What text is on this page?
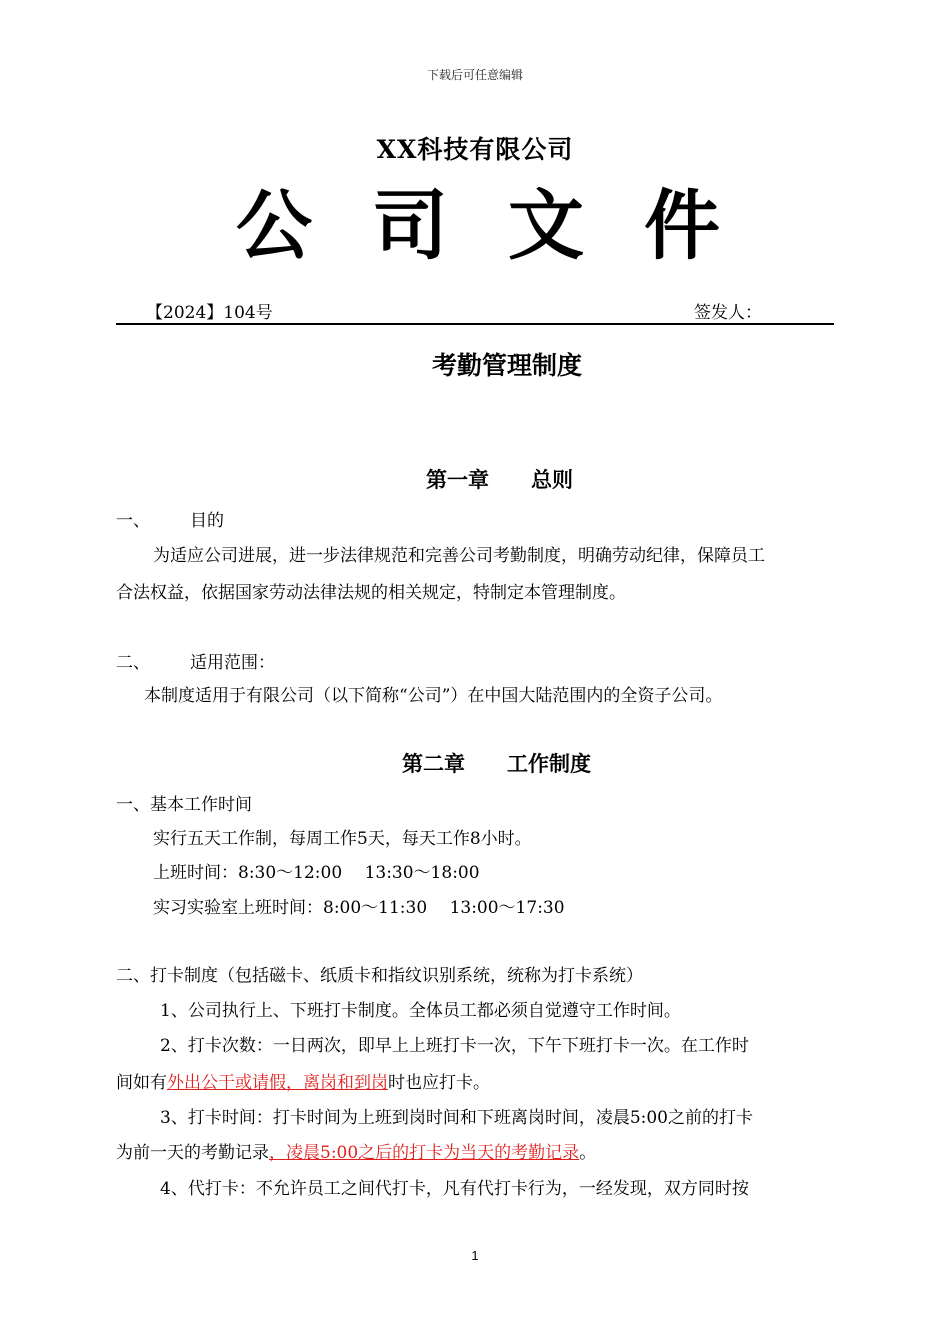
下载后可任意编辑
XX科技有限公司
公司文件
【2024】104号	签发人：
考勤管理制度
第一章 总则
一、 目的
为适应公司进展，进一步法律规范和完善公司考勤制度，明确劳动纪律，保障员工
合法权益，依据国家劳动法律法规的相关规定，特制定本管理制度。
二、 适用范围：
本制度适用于有限公司（以下简称“公司”）在中国大陆范围内的全资子公司。
第二章 工作制度
一、基本工作时间
实行五天工作制，每周工作5天，每天工作8小时。
上班时间：8:30～12:00　 13:30～18:00
实习实验室上班时间：8:00～11:30　 13:00～17:30
二、打卡制度（包括磁卡、纸质卡和指纹识别系统，统称为打卡系统）
1、公司执行上、下班打卡制度。全体员工都必须自觉遵守工作时间。
2、打卡次数：一日两次，即早上上班打卡一次，下午下班打卡一次。在工作时
间如有外出公干或请假，离岗和到岗时也应打卡。
3、打卡时间：打卡时间为上班到岗时间和下班离岗时间，凌晨5:00之前的打卡
为前一天的考勤记录，凌晨5:00之后的打卡为当天的考勤记录。
4、代打卡：不允许员工之间代打卡，凡有代打卡行为，一经发现，双方同时按
1
